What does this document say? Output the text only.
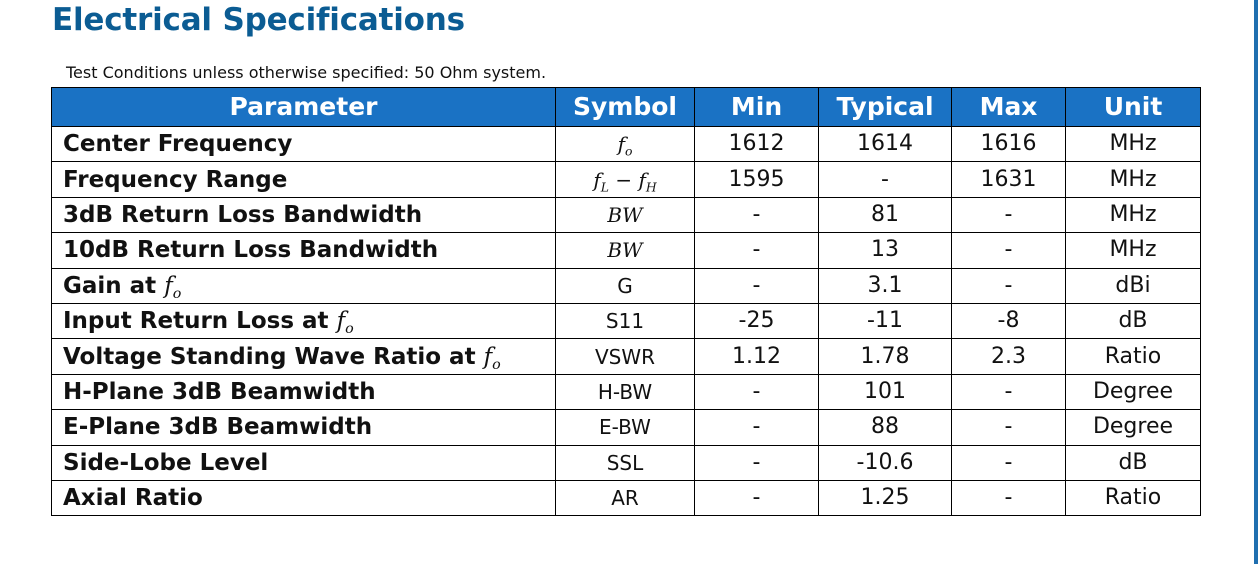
Electrical Specifications
Test Conditions unless otherwise specified: 50 Ohm system.
Parameter	Symbol	Min	Typical	Max	Unit
Center Frequency	$f_o$	1612	1614	1616	MHz
Frequency Range	$f_L - f_H$	1595	-	1631	MHz
3dB Return Loss Bandwidth	BW	-	81	-	MHz
10dB Return Loss Bandwidth	BW	-	13	-	MHz
Gain at $f_o$	G	-	3.1	-	dBi
Input Return Loss at $f_o$	S11	-25	-11	-8	dB
Voltage Standing Wave Ratio at $f_o$	VSWR	1.12	1.78	2.3	Ratio
H-Plane 3dB Beamwidth	H-BW	-	101	-	Degree
E-Plane 3dB Beamwidth	E-BW	-	88	-	Degree
Side-Lobe Level	SSL	-	-10.6	-	dB
Axial Ratio	AR	-	1.25	-	Ratio
